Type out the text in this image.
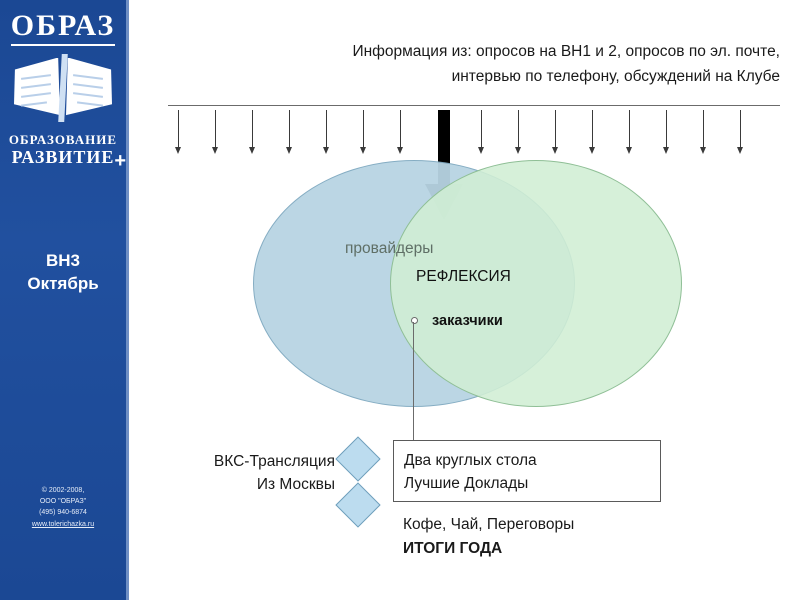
ОБРАЗ
ОБРАЗОВАНИЕ
РАЗВИТИЕ +
ВН3
Октябрь
© 2002-2008,
ООО "ОБРАЗ"
(495) 940-6874
www.tolerichazka.ru
Информация из: опросов на ВН1 и 2, опросов по эл. почте,
интервью по телефону, обсуждений на Клубе
провайдеры
РЕФЛЕКСИЯ
заказчики
ВКС-Трансляция
Из Москвы
Два круглых стола
Лучшие Доклады
Кофе, Чай, Переговоры
ИТОГИ ГОДА
